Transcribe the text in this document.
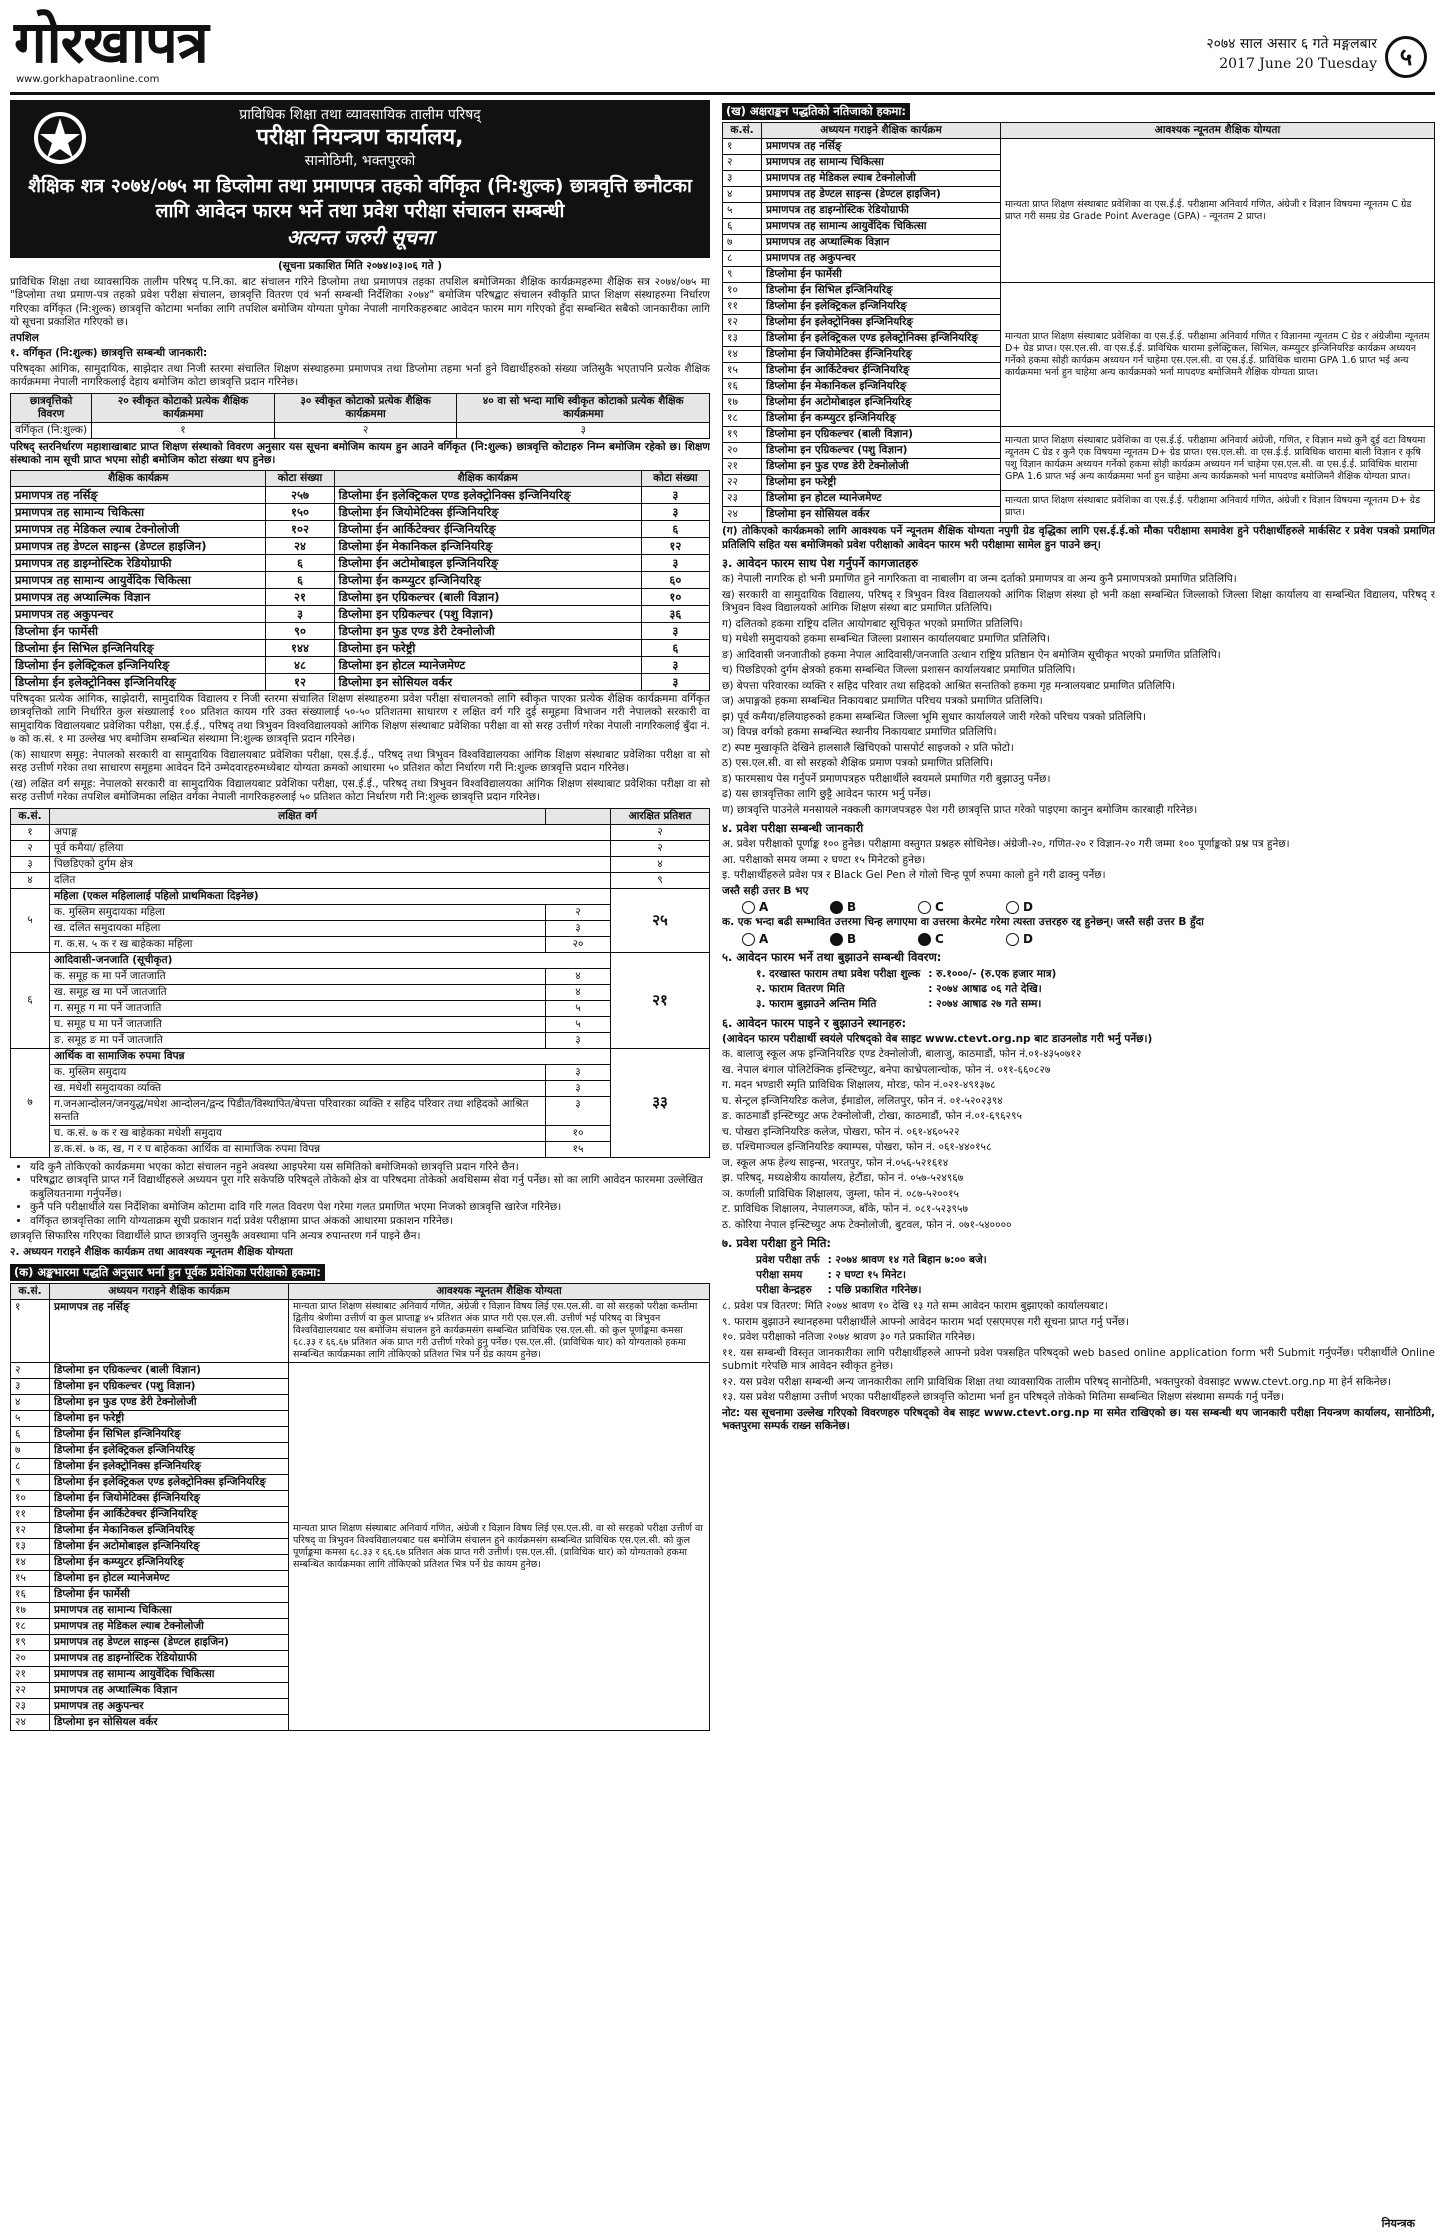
गोरखापत्र
www.gorkhapatraonline.com
२०७४ साल असार ६ गते मङ्गलबार
2017 June 20 Tuesday ५
प्राविधिक शिक्षा तथा व्यावसायिक तालीम परिषद्
परीक्षा नियन्त्रण कार्यालय,
सानोठिमी, भक्तपुरको
शैक्षिक शत्र २०७४/०७५ मा डिप्लोमा तथा प्रमाणपत्र तहको वर्गिकृत (नि:शुल्क) छात्रवृत्ति छनौटका लागि आवेदन फारम भर्ने तथा प्रवेश परीक्षा संचालन सम्बन्धी
अत्यन्त जरुरी सूचना

(सूचना प्रकाशित मिति २०७४।०३।०६ गते )

प्राविधिक शिक्षा तथा व्यावसायिक तालीम परिषद् प.नि.का. बाट संचालन गरिने डिप्लोमा तथा प्रमाणपत्र तहका तपशिल बमोजिमका शैक्षिक कार्यक्रमहरुमा शैक्षिक सत्र २०७४/०७५ मा "डिप्लोमा तथा प्रमाण-पत्र तहको प्रवेश परीक्षा संचालन, छात्रवृत्ति वितरण एवं भर्ना सम्बन्धी निर्देशिका २०७४" बमोजिम परिषद्बाट संचालन स्वीकृति प्राप्त शिक्षण संस्थाहरुमा निर्धारण गरिएका वर्गिकृत (नि:शुल्क) छात्रवृत्ति कोटामा भर्नाका लागि तपशिल बमोजिम योग्यता पुगेका नेपाली नागरिकहरुबाट आवेदन फारम माग गरिएको हुँदा सम्बन्धित सबैको जानकारीका लागि यो सूचना प्रकाशित गरिएको छ।

तपशिल

१. वर्गिकृत (नि:शुल्क) छात्रवृत्ति सम्बन्धी जानकारी:

परिषद्का आंगिक, सामुदायिक, साझेदार तथा निजी स्तरमा संचालित शिक्षण संस्थाहरुमा प्रमाणपत्र तथा डिप्लोमा तहमा भर्ना हुने विद्यार्थीहरुको संख्या जतिसुकै भएतापनि प्रत्येक शैक्षिक कार्यक्रममा नेपाली नागरिकलाई देहाय बमोजिम कोटा छात्रवृत्ति प्रदान गरिनेछ।

छात्रवृत्तिको विवरण	२० स्वीकृत कोटाको प्रत्येक शैक्षिक कार्यक्रममा	३० स्वीकृत कोटाको प्रत्येक शैक्षिक कार्यक्रममा	४० वा सो भन्दा माथि स्वीकृत कोटाको प्रत्येक शैक्षिक कार्यक्रममा
वर्गिकृत (नि:शुल्क)	१	२	३

परिषद् स्तरनिर्धारण महाशाखाबाट प्राप्त शिक्षण संस्थाको विवरण अनुसार यस सूचना बमोजिम कायम हुन आउने वर्गिकृत (नि:शुल्क) छात्रवृत्ति कोटाहरु निम्न बमोजिम रहेको छ। शिक्षण संस्थाको नाम सूची प्राप्त भएमा सोही बमोजिम कोटा संख्या थप हुनेछ।

शैक्षिक कार्यक्रम	कोटा संख्या	शैक्षिक कार्यक्रम	कोटा संख्या
प्रमाणपत्र तह नर्सिङ्	२५७	डिप्लोमा ईन इलेक्ट्रिकल एण्ड इलेक्ट्रोनिक्स इन्जिनियरिङ्	३
प्रमाणपत्र तह सामान्य चिकित्सा	१५०	डिप्लोमा ईन जियोमेटिक्स ईन्जिनियरिङ्	३
प्रमाणपत्र तह मेडिकल ल्याब टेक्नोलोजी	१०२	डिप्लोमा ईन आर्किटेक्चर ईन्जिनियरिङ्	६
प्रमाणपत्र तह डेण्टल साइन्स (डेण्टल हाइजिन)	२४	डिप्लोमा ईन मेकानिकल इन्जिनियरिङ्	१२
प्रमाणपत्र तह डाइग्नोस्टिक रेडियोग्राफी	६	डिप्लोमा ईन अटोमोबाइल इन्जिनियरिङ्	३
प्रमाणपत्र तह सामान्य आयुर्वेदिक चिकित्सा	६	डिप्लोमा ईन कम्प्युटर इन्जिनियरिङ्	६०
प्रमाणपत्र तह अप्थाल्मिक विज्ञान	२१	डिप्लोमा इन एग्रिकल्चर (बाली विज्ञान)	१०
प्रमाणपत्र तह अकुपन्चर	३	डिप्लोमा इन एग्रिकल्चर (पशु विज्ञान)	३६
डिप्लोमा ईन फार्मेसी	९०	डिप्लोमा इन फुड एण्ड डेरी टेक्नोलोजी	३
डिप्लोमा ईन सिभिल इन्जिनियरिङ्	१४४	डिप्लोमा इन फरेष्ट्री	६
डिप्लोमा ईन इलेक्ट्रिकल इन्जिनियरिङ्	४८	डिप्लोमा इन होटल म्यानेजमेण्ट	३
डिप्लोमा ईन इलेक्ट्रोनिक्स इन्जिनियरिङ्	१२	डिप्लोमा इन सोसियल वर्कर	३

परिषद्का प्रत्येक आंगिक, साझेदारी, सामुदायिक विद्यालय र निजी स्तरमा संचालित शिक्षण संस्थाहरुमा प्रवेश परीक्षा संचालनको लागि स्वीकृत पाएका प्रत्येक शैक्षिक कार्यक्रममा वर्गिकृत छात्रवृत्तिको लागि निर्धारित कुल संख्यालाई १०० प्रतिशत कायम गरि उक्त संख्यालाई ५०-५० प्रतिशतमा साधारण र लक्षित वर्ग गरि दुई समूहमा विभाजन गरी नेपालको सरकारी वा सामुदायिक विद्यालयबाट प्रवेशिका परीक्षा, एस.ई.ई., परिषद् तथा त्रिभुवन विश्वविद्यालयको आंगिक शिक्षण संस्थाबाट प्रवेशिका परीक्षा वा सो सरह उत्तीर्ण गरेका नेपाली नागरिकलाई बुँदा नं. ७ को क.सं. १ मा उल्लेख भए बमोजिम सम्बन्धित संस्थामा नि:शुल्क छात्रवृत्ति प्रदान गरिनेछ।

(क) साधारण समूह: नेपालको सरकारी वा सामुदायिक विद्यालयबाट प्रवेशिका परीक्षा, एस.ई.ई., परिषद् तथा त्रिभुवन विश्वविद्यालयका आंगिक शिक्षण संस्थाबाट प्रवेशिका परीक्षा वा सो सरह उत्तीर्ण गरेका तथा साधारण समूहमा आवेदन दिने उम्मेदवारहरुमध्येबाट योग्यता क्रमको आधारमा ५० प्रतिशत कोटा निर्धारण गरी नि:शुल्क छात्रवृत्ति प्रदान गरिनेछ।

(ख) लक्षित वर्ग समूह: नेपालको सरकारी वा सामुदायिक विद्यालयबाट प्रवेशिका परीक्षा, एस.ई.ई., परिषद् तथा त्रिभुवन विश्वविद्यालयका आंगिक शिक्षण संस्थाबाट प्रवेशिका परीक्षा वा सो सरह उत्तीर्ण गरेका तपशिल बमोजिमका लक्षित वर्गका नेपाली नागरिकहरुलाई ५० प्रतिशत कोटा निर्धारण गरी नि:शुल्क छात्रवृत्ति प्रदान गरिनेछ।

क.सं.	लक्षित वर्ग		आरक्षित प्रतिशत
१	अपाङ्ग		२
२	पूर्व कमैया/ हलिया		२
३	पिछडिएको दुर्गम क्षेत्र		४
४	दलित		९
५	महिला (एकल महिलालाई पहिलो प्राथमिकता दिइनेछ)		२५
	क. मुस्लिम समुदायका महिला	२	
	ख. दलित समुदायका महिला	३	
	ग. क.स. ५ क र ख बाहेकका महिला	२०	
६	आदिवासी-जनजाति (सूचीकृत)		२१
	क. समूह क मा पर्ने जातजाति	४	
	ख. समूह ख मा पर्ने जातजाति	४	
	ग. समूह ग मा पर्ने जातजाति	५	
	घ. समूह घ मा पर्ने जातजाति	५	
	ङ. समूह ङ मा पर्ने जातजाति	३	
७	आर्थिक वा सामाजिक रुपमा विपन्न		३३
	क. मुस्लिम समुदाय	३	
	ख. मधेशी समुदायका व्यक्ति	३	
	ग.जनआन्दोलन/जनयुद्ध/मधेश आन्दोलन/द्वन्द पिडीत/विस्थापित/बेपत्ता परिवारका व्यक्ति र सहिद परिवार तथा शहिदको आश्रित सन्तति	३	
	घ. क.सं. ७ क र ख बाहेकका मधेशी समुदाय	१०	
	ङ.क.सं. ७ क, ख, ग र घ बाहेकका आर्थिक वा सामाजिक रुपमा विपन्न	१५	
• यदि कुनै तोकिएको कार्यक्रममा भएका कोटा संचालन नहुने अवस्था आइपरेमा यस समितिको बमोजिमको छात्रवृत्ति प्रदान गरिने छैन।
• परिषद्बाट छात्रवृत्ति प्राप्त गर्ने विद्यार्थीहरुले अध्ययन पूरा गरि सकेपछि परिषद्ले तोकेको क्षेत्र वा परिषदमा तोकेको अवधिसम्म सेवा गर्नु पर्नेछ। सो का लागि आवेदन फारममा उल्लेखित कबुलियतनामा गर्नुपर्नेछ।
• कुनै पनि परीक्षार्थीले यस निर्देशिका बमोजिम कोटामा दावि गरि गलत विवरण पेश गरेमा गलत प्रमाणित भएमा निजको छात्रवृत्ति खारेज गरिनेछ।
• वर्गिकृत छात्रवृत्तिका लागि योग्यताक्रम सूची प्रकाशन गर्दा प्रवेश परीक्षामा प्राप्त अंकको आधारमा प्रकाशन गरिनेछ।

छात्रवृत्ति सिफारिस गरिएका विद्यार्थीले प्राप्त छात्रवृत्ति जुनसुकै अवस्थामा पनि अन्यत्र रुपान्तरण गर्न पाइने छैन।

२. अध्ययन गराइने शैक्षिक कार्यक्रम तथा आवश्यक न्यूनतम शैक्षिक योग्यता

(क) अङ्कभारमा पद्धति अनुसार भर्ना हुन पूर्वक प्रवेशिका परीक्षाको हकमा:
क.सं.	अध्ययन गराइने शैक्षिक कार्यक्रम	आवश्यक न्यूनतम शैक्षिक योग्यता
१	प्रमाणपत्र तह नर्सिङ्	मान्यता प्राप्त शिक्षण संस्थाबाट अनिवार्य गणित, अंग्रेजी र विज्ञान विषय लिई एस.एल.सी. वा सो सरहको परीक्षा कम्तीमा द्वितीय श्रेणीमा उत्तीर्ण वा कुल प्राप्ताङ्क ४५ प्रतिशत अंक प्राप्त गरी एस.एल.सी. उत्तीर्ण भई परिषद् वा त्रिभुवन विश्वविद्यालयबाट यस बमोजिम संचालन हुने कार्यक्रमसंग सम्बन्धित प्राविधिक एस.एल.सी. को कुल पूर्णाङ्कमा कमसा ६८.३३ र ६६.६७ प्रतिशत अंक प्राप्त गरी उत्तीर्ण गरेको हुनु पर्नेछ। एस.एल.सी. (प्राविधिक धार) को योग्यताको हकमा सम्बन्धित कार्यक्रमका लागि तोकिएको प्रतिशत भित्र पर्ने ग्रेड कायम हुनेछ।
२	डिप्लोमा इन एग्रिकल्चर (बाली विज्ञान)	मान्यता प्राप्त शिक्षण संस्थाबाट अनिवार्य गणित, अंग्रेजी र विज्ञान विषय लिई एस.एल.सी. वा सो सरहको परीक्षा उत्तीर्ण वा परिषद् वा त्रिभुवन विश्वविद्यालयबाट यस बमोजिम संचालन हुने कार्यक्रमसंग सम्बन्धित प्राविधिक एस.एल.सी. को कुल पूर्णाङ्कमा कमसा ६८.३३ र ६६.६७ प्रतिशत अंक प्राप्त गरी उत्तीर्ण। एस.एल.सी. (प्राविधिक धार) को योग्यताको हकमा सम्बन्धित कार्यक्रमका लागि तोकिएको प्रतिशत भित्र पर्ने ग्रेड कायम हुनेछ।
३	डिप्लोमा इन एग्रिकल्चर (पशु विज्ञान)	
४	डिप्लोमा इन फुड एण्ड डेरी टेक्नोलोजी	
५	डिप्लोमा इन फरेष्ट्री	
६	डिप्लोमा ईन सिभिल इन्जिनियरिङ्	
७	डिप्लोमा ईन इलेक्ट्रिकल इन्जिनियरिङ्	
८	डिप्लोमा ईन इलेक्ट्रोनिक्स इन्जिनियरिङ्	
९	डिप्लोमा ईन इलेक्ट्रिकल एण्ड इलेक्ट्रोनिक्स इन्जिनियरिङ्	
१०	डिप्लोमा ईन जियोमेटिक्स ईन्जिनियरिङ्	
११	डिप्लोमा ईन आर्किटेक्चर ईन्जिनियरिङ्	
१२	डिप्लोमा ईन मेकानिकल इन्जिनियरिङ्	
१३	डिप्लोमा ईन अटोमोबाइल इन्जिनियरिङ्	
१४	डिप्लोमा ईन कम्प्युटर इन्जिनियरिङ्	
१५	डिप्लोमा इन होटल म्यानेजमेण्ट	
१६	डिप्लोमा ईन फार्मेसी	
१७	प्रमाणपत्र तह सामान्य चिकित्सा	
१८	प्रमाणपत्र तह मेडिकल ल्याब टेक्नोलोजी	
१९	प्रमाणपत्र तह डेण्टल साइन्स (डेण्टल हाइजिन)	
२०	प्रमाणपत्र तह डाइग्नोस्टिक रेडियोग्राफी	
२१	प्रमाणपत्र तह सामान्य आयुर्वेदिक चिकित्सा	
२२	प्रमाणपत्र तह अप्थाल्मिक विज्ञान	
२३	प्रमाणपत्र तह अकुपन्चर	
२४	डिप्लोमा इन सोसियल वर्कर	
(ख) अक्षराङ्कन पद्धतिको नतिजाको हकमा:
क.सं.	अध्ययन गराइने शैक्षिक कार्यक्रम	आवश्यक न्यूनतम शैक्षिक योग्यता
१	प्रमाणपत्र तह नर्सिङ्	मान्यता प्राप्त शिक्षण संस्थाबाट प्रवेशिका वा एस.ई.ई. परीक्षामा अनिवार्य गणित, अंग्रेजी र विज्ञान विषयमा न्यूनतम C ग्रेड प्राप्त गरी समग्र ग्रेड Grade Point Average (GPA) - न्यूनतम 2 प्राप्त।
२	प्रमाणपत्र तह सामान्य चिकित्सा	
३	प्रमाणपत्र तह मेडिकल ल्याब टेक्नोलोजी	
४	प्रमाणपत्र तह डेण्टल साइन्स (डेण्टल हाइजिन)	
५	प्रमाणपत्र तह डाइग्नोस्टिक रेडियोग्राफी	
६	प्रमाणपत्र तह सामान्य आयुर्वेदिक चिकित्सा	
७	प्रमाणपत्र तह अप्थाल्मिक विज्ञान	
८	प्रमाणपत्र तह अकुपन्चर	
९	डिप्लोमा ईन फार्मेसी	
१०	डिप्लोमा ईन सिभिल इन्जिनियरिङ्	मान्यता प्राप्त शिक्षण संस्थाबाट प्रवेशिका वा एस.ई.ई. परीक्षामा अनिवार्य गणित र विज्ञानमा न्यूनतम C ग्रेड र अंग्रेजीमा न्यूनतम D+ ग्रेड प्राप्त। एस.एल.सी. वा एस.ई.ई. प्राविधिक धारामा इलेक्ट्रिकल, सिभिल, कम्प्युटर इन्जिनियरिङ कार्यक्रम अध्ययन गर्नेको हकमा सोही कार्यक्रम अध्ययन गर्न चाहेमा एस.एल.सी. वा एस.ई.ई. प्राविधिक धारामा GPA 1.6 प्राप्त भई अन्य कार्यक्रममा भर्ना हुन चाहेमा अन्य कार्यक्रमको भर्ना मापदण्ड बमोजिमनै शैक्षिक योग्यता प्राप्त।
११	डिप्लोमा ईन इलेक्ट्रिकल इन्जिनियरिङ्	
१२	डिप्लोमा ईन इलेक्ट्रोनिक्स इन्जिनियरिङ्	
१३	डिप्लोमा ईन इलेक्ट्रिकल एण्ड इलेक्ट्रोनिक्स इन्जिनियरिङ्	
१४	डिप्लोमा ईन जियोमेटिक्स ईन्जिनियरिङ्	
१५	डिप्लोमा ईन आर्किटेक्चर ईन्जिनियरिङ्	
१६	डिप्लोमा ईन मेकानिकल इन्जिनियरिङ्	
१७	डिप्लोमा ईन अटोमोबाइल इन्जिनियरिङ्	
१८	डिप्लोमा ईन कम्प्युटर इन्जिनियरिङ्	
१९	डिप्लोमा इन एग्रिकल्चर (बाली विज्ञान)	मान्यता प्राप्त शिक्षण संस्थाबाट प्रवेशिका वा एस.ई.ई. परीक्षामा अनिवार्य अंग्रेजी, गणित, र विज्ञान मध्ये कुनै दुई वटा विषयमा न्यूनतम C ग्रेड र कुनै एक विषयमा न्यूनतम D+ ग्रेड प्राप्त। एस.एल.सी. वा एस.ई.ई. प्राविधिक धारामा बाली विज्ञान र कृषि पशु विज्ञान कार्यक्रम अध्ययन गर्नेको हकमा सोही कार्यक्रम अध्ययन गर्न चाहेमा एस.एल.सी. वा एस.ई.ई. प्राविधिक धारामा GPA 1.6 प्राप्त भई अन्य कार्यक्रममा भर्ना हुन चाहेमा अन्य कार्यक्रमको भर्ना मापदण्ड बमोजिमनै शैक्षिक योग्यता प्राप्त।
२०	डिप्लोमा इन एग्रिकल्चर (पशु विज्ञान)	
२१	डिप्लोमा इन फुड एण्ड डेरी टेक्नोलोजी	
२२	डिप्लोमा इन फरेष्ट्री	
२३	डिप्लोमा इन होटल म्यानेजमेण्ट	मान्यता प्राप्त शिक्षण संस्थाबाट प्रवेशिका वा एस.ई.ई. परीक्षामा अनिवार्य गणित, अंग्रेजी र विज्ञान विषयमा न्यूनतम D+ ग्रेड प्राप्त।
२४	डिप्लोमा इन सोसियल वर्कर	

(ग) तोकिएको कार्यक्रमको लागि आवश्यक पर्ने न्यूनतम शैक्षिक योग्यता नपुगी ग्रेड वृद्धिका लागि एस.ई.ई.को मौका परीक्षामा समावेश हुने परीक्षार्थीहरुले मार्कसिट र प्रवेश पत्रको प्रमाणित प्रतिलिपि सहित यस बमोजिमको प्रवेश परीक्षाको आवेदन फारम भरी परीक्षामा सामेल हुन पाउने छन्।

३. आवेदन फारम साथ पेश गर्नुपर्ने कागजातहरु

क) नेपाली नागरिक हो भनी प्रमाणित हुने नागरिकता वा नाबालीग वा जन्म दर्ताको प्रमाणपत्र वा अन्य कुनै प्रमाणपत्रको प्रमाणित प्रतिलिपि।

ख) सरकारी वा सामुदायिक विद्यालय, परिषद् र त्रिभुवन विश्व विद्यालयको आंगिक शिक्षण संस्था हो भनी कक्षा सम्बन्धित जिल्लाको जिल्ला शिक्षा कार्यालय वा सम्बन्धित विद्यालय, परिषद् र त्रिभुवन विश्व विद्यालयको आंगिक शिक्षण संस्था बाट प्रमाणित प्रतिलिपि।

ग) दलितको हकमा राष्ट्रिय दलित आयोगबाट सूचिकृत भएको प्रमाणित प्रतिलिपि।

घ) मधेशी समुदायको हकमा सम्बन्धित जिल्ला प्रशासन कार्यालयबाट प्रमाणित प्रतिलिपि।

ङ) आदिवासी जनजातीको हकमा नेपाल आदिवासी/जनजाति उत्थान राष्ट्रिय प्रतिष्ठान ऐन बमोजिम सूचीकृत भएको प्रमाणित प्रतिलिपि।

च) पिछडिएको दुर्गम क्षेत्रको हकमा सम्बन्धित जिल्ला प्रशासन कार्यालयबाट प्रमाणित प्रतिलिपि।

छ) बेपत्ता परिवारका व्यक्ति र सहिद परिवार तथा सहिदको आश्रित सन्ततिको हकमा गृह मन्त्रालयबाट प्रमाणित प्रतिलिपि।

ज) अपाङ्गको हकमा सम्बन्धित निकायबाट प्रमाणित परिचय पत्रको प्रमाणित प्रतिलिपि।

झ) पूर्व कमैया/हलियाहरुको हकमा सम्बन्धित जिल्ला भूमि सुधार कार्यालयले जारी गरेको परिचय पत्रको प्रतिलिपि।

ञ) विपन्न वर्गको हकमा सम्बन्धित स्थानीय निकायबाट प्रमाणित प्रतिलिपि।

ट) स्पष्ट मुखाकृति देखिने हालसालै खिचिएको पासपोर्ट साइजको २ प्रति फोटो।

ठ) एस.एल.सी. वा सो सरहको शैक्षिक प्रमाण पत्रको प्रमाणित प्रतिलिपि।

ड) फारमसाथ पेस गर्नुपर्ने प्रमाणपत्रहरु परीक्षार्थीले स्वयमले प्रमाणित गरी बुझाउनु पर्नेछ।

ढ) यस छात्रवृत्तिका लागि छुट्टै आवेदन फारम भर्नु पर्नेछ।

ण) छात्रवृत्ति पाउनेले मनसायले नक्कली कागजपत्रहरु पेश गरी छात्रवृत्ति प्राप्त गरेको पाइएमा कानुन बमोजिम कारबाही गरिनेछ।

४. प्रवेश परीक्षा सम्बन्धी जानकारी

अ. प्रवेश परीक्षाको पूर्णाङ्क १०० हुनेछ। परीक्षामा वस्तुगत प्रश्नहरु सोधिनेछ। अंग्रेजी-२०, गणित-२० र विज्ञान-२० गरी जम्मा १०० पूर्णाङ्कको प्रश्न पत्र हुनेछ।

आ. परीक्षाको समय जम्मा २ घण्टा १५ मिनेटको हुनेछ।

इ. परीक्षार्थीहरुले प्रवेश पत्र र Black Gel Pen ले गोलो चिन्ह पूर्ण रुपमा कालो हुने गरी ढाक्नु पर्नेछ।

जस्तै सही उत्तर B भए

A	B	C	D

क. एक भन्दा बढी सम्भावित उत्तरमा चिन्ह लगाएमा वा उत्तरमा केरमेट गरेमा त्यस्ता उत्तरहरु रद्द हुनेछन्। जस्तै सही उत्तर B हुँदा

A	B	C	D
५. आवेदन फारम भर्ने तथा बुझाउने सम्बन्धी विवरण:
१. दरखास्त फाराम तथा प्रवेश परीक्षा शुल्क	: रु.१०००/- (रु.एक हजार मात्र)
२. फाराम वितरण मिति	: २०७४ आषाढ ०६ गते देखि।
३. फाराम बुझाउने अन्तिम मिति	: २०७४ आषाढ २७ गते सम्म।
६. आवेदन फारम पाइने र बुझाउने स्थानहरु:

(आवेदन फारम परीक्षार्थी स्वयंले परिषद्को वेब साइट www.ctevt.org.np बाट डाउनलोड गरी भर्नु पर्नेछ।)

क. बालाजु स्कूल अफ इन्जिनियरिङ एण्ड टेक्नोलोजी, बालाजु, काठमाडौं, फोन नं.०१-४३५०७१२

ख. नेपाल बंगाल पोलिटेक्निक इन्स्टिच्युट, बनेपा काभ्रेपलान्चोक, फोन नं. ०११-६६०८२७

ग. मदन भण्डारी स्मृति प्राविधिक शिक्षालय, मोरङ, फोन नं.०२१-४९१३७८

घ. सेन्ट्रल इन्जिनियरिङ कलेज, ईमाडोल, ललितपुर, फोन नं. ०१-५२०२३९४

ङ. काठमाडौं इन्स्टिच्युट अफ टेक्नोलोजी, टोखा, काठमाडौं, फोन नं.०१-६९६२९५

च. पोखरा इन्जिनियरिङ कलेज, पोखरा, फोन नं. ०६१-४६०५२२

छ. पश्चिमाञ्चल इन्जिनियरिङ क्याम्पस, पोखरा, फोन नं. ०६१-४४०१५८

ज. स्कूल अफ हेल्थ साइन्स, भरतपुर, फोन नं.०५६-५२१६१४

झ. परिषद्, मध्यक्षेत्रीय कार्यालय, हेटौंडा, फोन नं. ०५७-५२४९६७

ञ. कर्णाली प्राविधिक शिक्षालय, जुम्ला, फोन नं. ०८७-५२००१५

ट. प्राविधिक शिक्षालय, नेपालगञ्ज, बाँके, फोन नं. ०८१-५२३९५७

ठ. कोरिया नेपाल इन्स्टिच्युट अफ टेक्नोलोजी, बुटवल, फोन नं. ०७१-५४००००

७. प्रवेश परीक्षा हुने मिति:
प्रवेश परीक्षा तर्फ	: २०७४ श्रावण १४ गते बिहान ७:०० बजे।
परीक्षा समय	: २ घण्टा १५ मिनेट।
परीक्षा केन्द्रहरु	: पछि प्रकाशित गरिनेछ।

८. प्रवेश पत्र वितरण: मिति २०७४ श्रावण १० देखि १३ गते सम्म आवेदन फाराम बुझाएको कार्यालयबाट।

९. फाराम बुझाउने स्थानहरुमा परीक्षार्थीले आफ्नो आवेदन फाराम भर्दा एसएमएस गरी सूचना प्राप्त गर्नु पर्नेछ।

१०. प्रवेश परीक्षाको नतिजा २०७४ श्रावण ३० गते प्रकाशित गरिनेछ।

११. यस सम्बन्धी विस्तृत जानकारीका लागि परीक्षार्थीहरुले आफ्नो प्रवेश पत्रसहित परिषद्को web based online application form भरी Submit गर्नुपर्नेछ। परीक्षार्थीले Online submit गरेपछि मात्र आवेदन स्वीकृत हुनेछ।

१२. यस प्रवेश परीक्षा सम्बन्धी अन्य जानकारीका लागि प्राविधिक शिक्षा तथा व्यावसायिक तालीम परिषद् सानोठिमी, भक्तपुरको वेवसाइट www.ctevt.org.np मा हेर्न सकिनेछ।

१३. यस प्रवेश परीक्षामा उत्तीर्ण भएका परीक्षार्थीहरुले छात्रवृत्ति कोटामा भर्ना हुन परिषद्ले तोकेको मितिमा सम्बन्धित शिक्षण संस्थामा सम्पर्क गर्नु पर्नेछ।

नोट: यस सूचनामा उल्लेख गरिएको विवरणहरु परिषद्को वेब साइट www.ctevt.org.np मा समेत राखिएको छ। यस सम्बन्धी थप जानकारी परीक्षा नियन्त्रण कार्यालय, सानोठिमी, भक्तपुरमा सम्पर्क राख्न सकिनेछ।

नियन्त्रक
